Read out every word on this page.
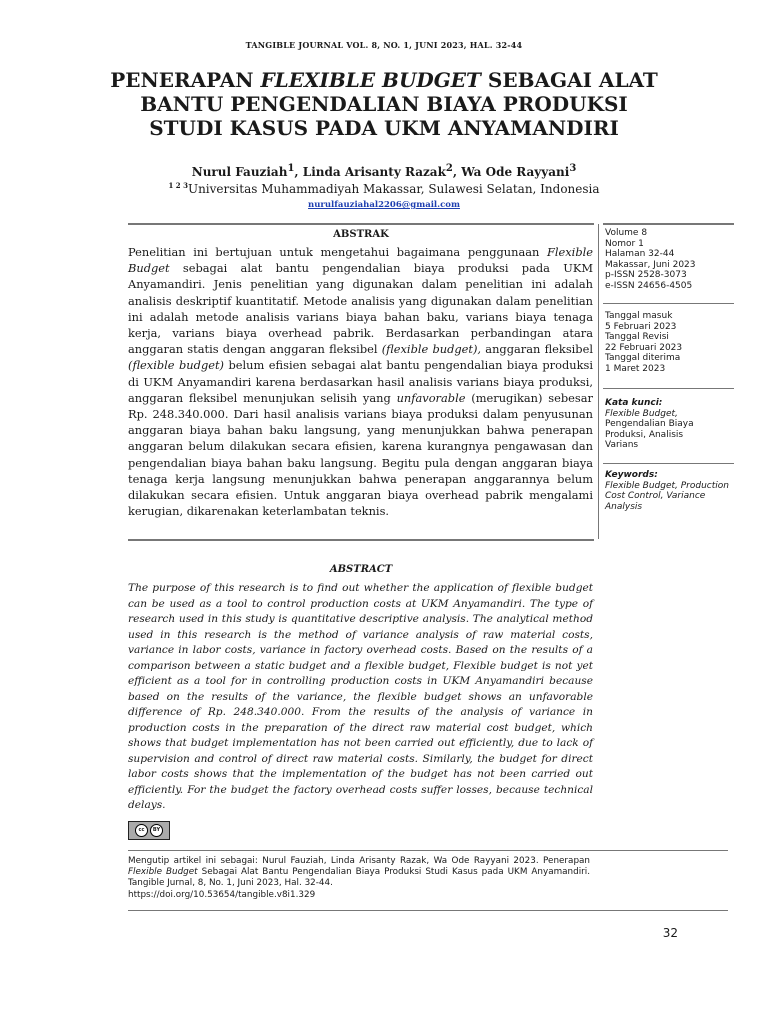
TANGIBLE JOURNAL VOL. 8, NO. 1, JUNI 2023, HAL. 32-44
PENERAPAN FLEXIBLE BUDGET SEBAGAI ALAT BANTU PENGENDALIAN BIAYA PRODUKSI STUDI KASUS PADA UKM ANYAMANDIRI
Nurul Fauziah$^1$, Linda Arisanty Razak$^2$, Wa Ode Rayyani$^3$
$^{1 2 3}$Universitas Muhammadiyah Makassar, Sulawesi Selatan, Indonesia
nurulfauziahal2206@gmail.com
ABSTRAK

Penelitian ini bertujuan untuk mengetahui bagaimana penggunaan Flexible Budget sebagai alat bantu pengendalian biaya produksi pada UKM Anyamandiri. Jenis penelitian yang digunakan dalam penelitian ini adalah analisis deskriptif kuantitatif. Metode analisis yang digunakan dalam penelitian ini adalah metode analisis varians biaya bahan baku, varians biaya tenaga kerja, varians biaya overhead pabrik. Berdasarkan perbandingan atara anggaran statis dengan anggaran fleksibel (flexible budget), anggaran fleksibel (flexible budget) belum efisien sebagai alat bantu pengendalian biaya produksi di UKM Anyamandiri karena berdasarkan hasil analisis varians biaya produksi, anggaran fleksibel menunjukan selisih yang unfavorable (merugikan) sebesar Rp. 248.340.000. Dari hasil analisis varians biaya produksi dalam penyusunan anggaran biaya bahan baku langsung, yang menunjukkan bahwa penerapan anggaran belum dilakukan secara efisien, karena kurangnya pengawasan dan pengendalian biaya bahan baku langsung. Begitu pula dengan anggaran biaya tenaga kerja langsung menunjukkan bahwa penerapan anggarannya belum dilakukan secara efisien. Untuk anggaran biaya overhead pabrik mengalami kerugian, dikarenakan keterlambatan teknis.

Volume 8
Nomor 1
Halaman 32-44
Makassar, Juni 2023
p-ISSN 2528-3073
e-ISSN 24656-4505
Tanggal masuk
5 Februari 2023
Tanggal Revisi
22 Februari 2023
Tanggal diterima
1 Maret 2023
Kata kunci:
Flexible Budget,
Pengendalian Biaya
Produksi, Analisis
Varians
Keywords:
Flexible Budget, Production Cost Control, Variance Analysis
ABSTRACT

The purpose of this research is to find out whether the application of flexible budget can be used as a tool to control production costs at UKM Anyamandiri. The type of research used in this study is quantitative descriptive analysis. The analytical method used in this research is the method of variance analysis of raw material costs, variance in labor costs, variance in factory overhead costs. Based on the results of a comparison between a static budget and a flexible budget, Flexible budget is not yet efficient as a tool for in controlling production costs in UKM Anyamandiri because based on the results of the variance, the flexible budget shows an unfavorable difference of Rp. 248.340.000. From the results of the analysis of variance in production costs in the preparation of the direct raw material cost budget, which shows that budget implementation has not been carried out efficiently, due to lack of supervision and control of direct raw material costs. Similarly, the budget for direct labor costs shows that the implementation of the budget has not been carried out efficiently. For the budget the factory overhead costs suffer losses, because technical delays.

cc	BY

Mengutip artikel ini sebagai: Nurul Fauziah, Linda Arisanty Razak, Wa Ode Rayyani 2023. Penerapan Flexible Budget Sebagai Alat Bantu Pengendalian Biaya Produksi Studi Kasus pada UKM Anyamandiri. Tangible Jurnal, 8, No. 1, Juni 2023, Hal. 32-44.

https://doi.org/10.53654/tangible.v8i1.329

32
